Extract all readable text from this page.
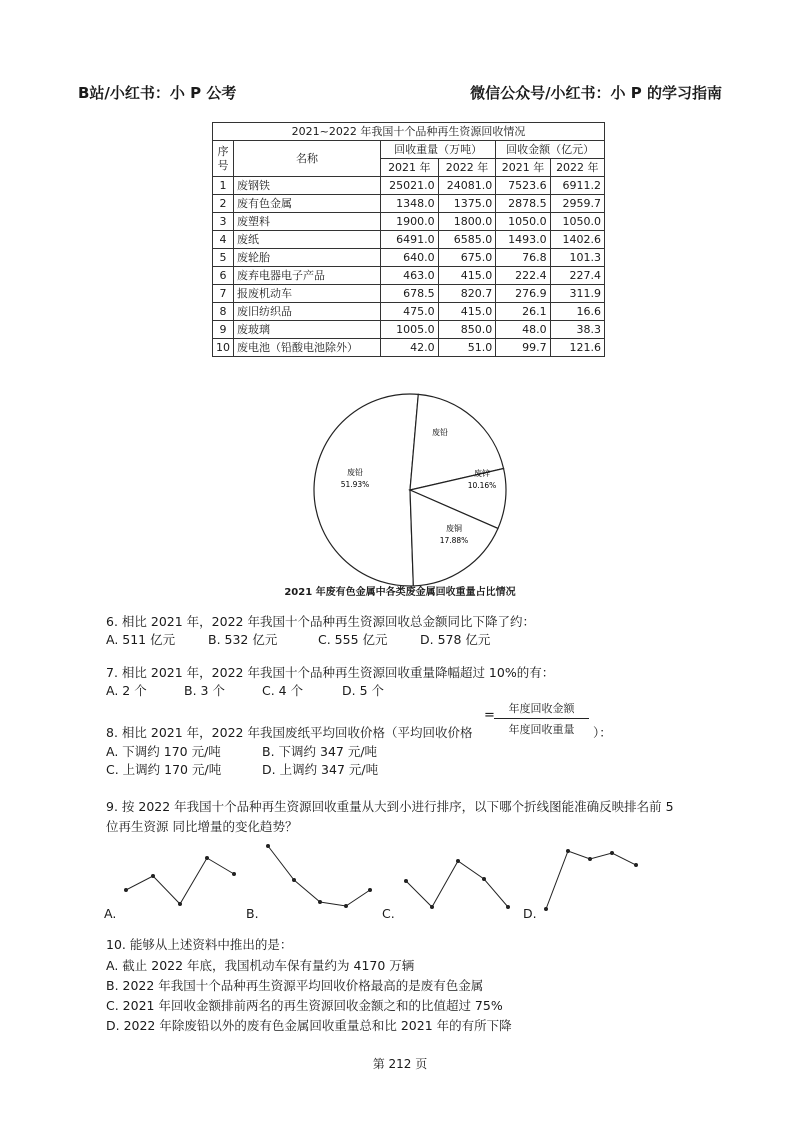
B站/小红书：小 P 公考	微信公众号/小红书：小 P 的学习指南
2021~2022 年我国十个品种再生资源回收情况					
序号	名称	回收重量（万吨）		回收金额（亿元）	
		2021 年	2022 年	2021 年	2022 年
1	废钢铁	25021.0	24081.0	7523.6	6911.2
2	废有色金属	1348.0	1375.0	2878.5	2959.7
3	废塑料	1900.0	1800.0	1050.0	1050.0
4	废纸	6491.0	6585.0	1493.0	1402.6
5	废轮胎	640.0	675.0	76.8	101.3
6	废弃电器电子产品	463.0	415.0	222.4	227.4
7	报废机动车	678.5	820.7	276.9	311.9
8	废旧纺织品	475.0	415.0	26.1	16.6
9	废玻璃	1005.0	850.0	48.0	38.3
10	废电池（铅酸电池除外）	42.0	51.0	99.7	121.6
废铅
51.93%
废铅
废锌
10.16%
废铜
17.88%
2021 年废有色金属中各类废金属回收重量占比情况
6. 相比 2021 年，2022 年我国十个品种再生资源回收总金额同比下降了约：
A. 511 亿元	B. 532 亿元	C. 555 亿元	D. 578 亿元
7. 相比 2021 年，2022 年我国十个品种再生资源回收重量降幅超过 10%的有：
A. 2 个	B. 3 个	C. 4 个	D. 5 个
8. 相比 2021 年，2022 年我国废纸平均回收价格（平均回收价格
=	年度回收金额
年度回收重量	）：
A. 下调约 170 元/吨	B. 下调约 347 元/吨
C. 上调约 170 元/吨	D. 上调约 347 元/吨
9. 按 2022 年我国十个品种再生资源回收重量从大到小进行排序，以下哪个折线图能准确反映排名前 5
位再生资源 同比增量的变化趋势？
A.	B.	C.	D.
10. 能够从上述资料中推出的是：
A. 截止 2022 年底，我国机动车保有量约为 4170 万辆
B. 2022 年我国十个品种再生资源平均回收价格最高的是废有色金属
C. 2021 年回收金额排前两名的再生资源回收金额之和的比值超过 75%
D. 2022 年除废铅以外的废有色金属回收重量总和比 2021 年的有所下降
第 212 页
